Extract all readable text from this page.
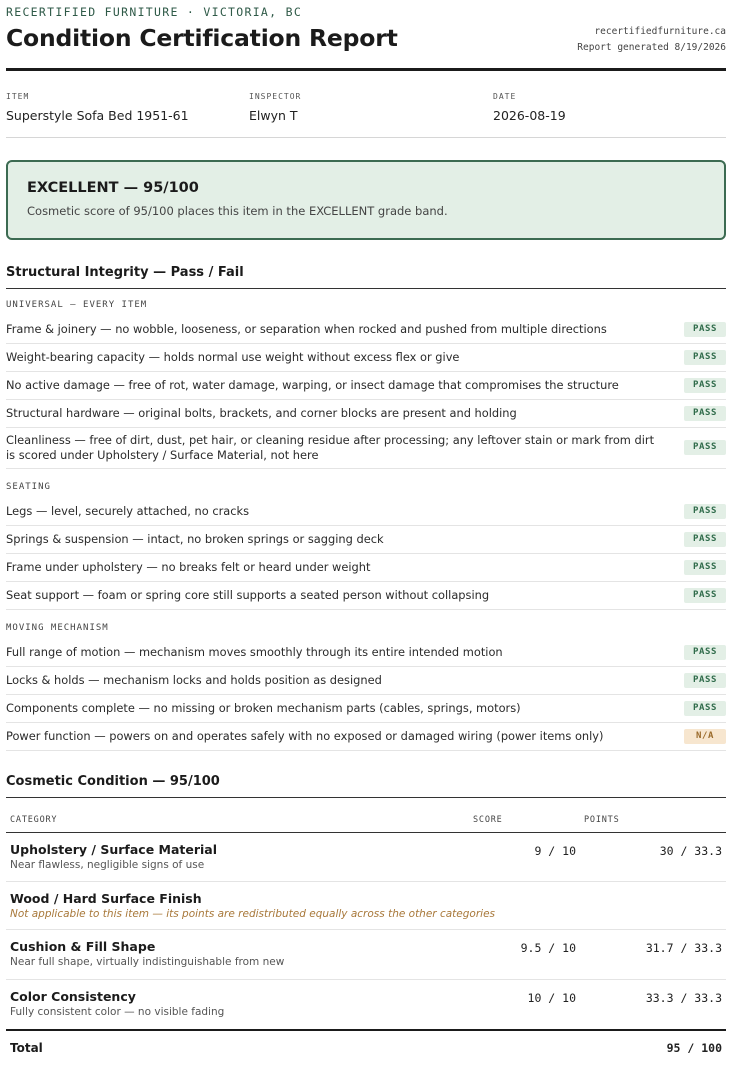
RECERTIFIED FURNITURE · VICTORIA, BC
Condition Certification Report	recertifiedfurniture.ca
Report generated 8/19/2026
ITEM
Superstyle Sofa Bed 1951-61
INSPECTOR
Elwyn T
DATE
2026-08-19
EXCELLENT — 95/100
Cosmetic score of 95/100 places this item in the EXCELLENT grade band.
Structural Integrity — Pass / Fail
UNIVERSAL — EVERY ITEM
Frame & joinery — no wobble, looseness, or separation when rocked and pushed from multiple directions	PASS
Weight-bearing capacity — holds normal use weight without excess flex or give	PASS
No active damage — free of rot, water damage, warping, or insect damage that compromises the structure	PASS
Structural hardware — original bolts, brackets, and corner blocks are present and holding	PASS
Cleanliness — free of dirt, dust, pet hair, or cleaning residue after processing; any leftover stain or mark from dirt is scored under Upholstery / Surface Material, not here
PASS
SEATING
Legs — level, securely attached, no cracks	PASS
Springs & suspension — intact, no broken springs or sagging deck	PASS
Frame under upholstery — no breaks felt or heard under weight	PASS
Seat support — foam or spring core still supports a seated person without collapsing	PASS
MOVING MECHANISM
Full range of motion — mechanism moves smoothly through its entire intended motion	PASS
Locks & holds — mechanism locks and holds position as designed	PASS
Components complete — no missing or broken mechanism parts (cables, springs, motors)	PASS
Power function — powers on and operates safely with no exposed or damaged wiring (power items only)	N/A
Cosmetic Condition — 95/100
CATEGORY	SCORE	POINTS
Upholstery / Surface Material
Near flawless, negligible signs of use
9 / 10	30 / 33.3
Wood / Hard Surface Finish
Not applicable to this item — its points are redistributed equally across the other categories
Cushion & Fill Shape
Near full shape, virtually indistinguishable from new
9.5 / 10	31.7 / 33.3
Color Consistency
Fully consistent color — no visible fading
10 / 10	33.3 / 33.3
Total	95 / 100
